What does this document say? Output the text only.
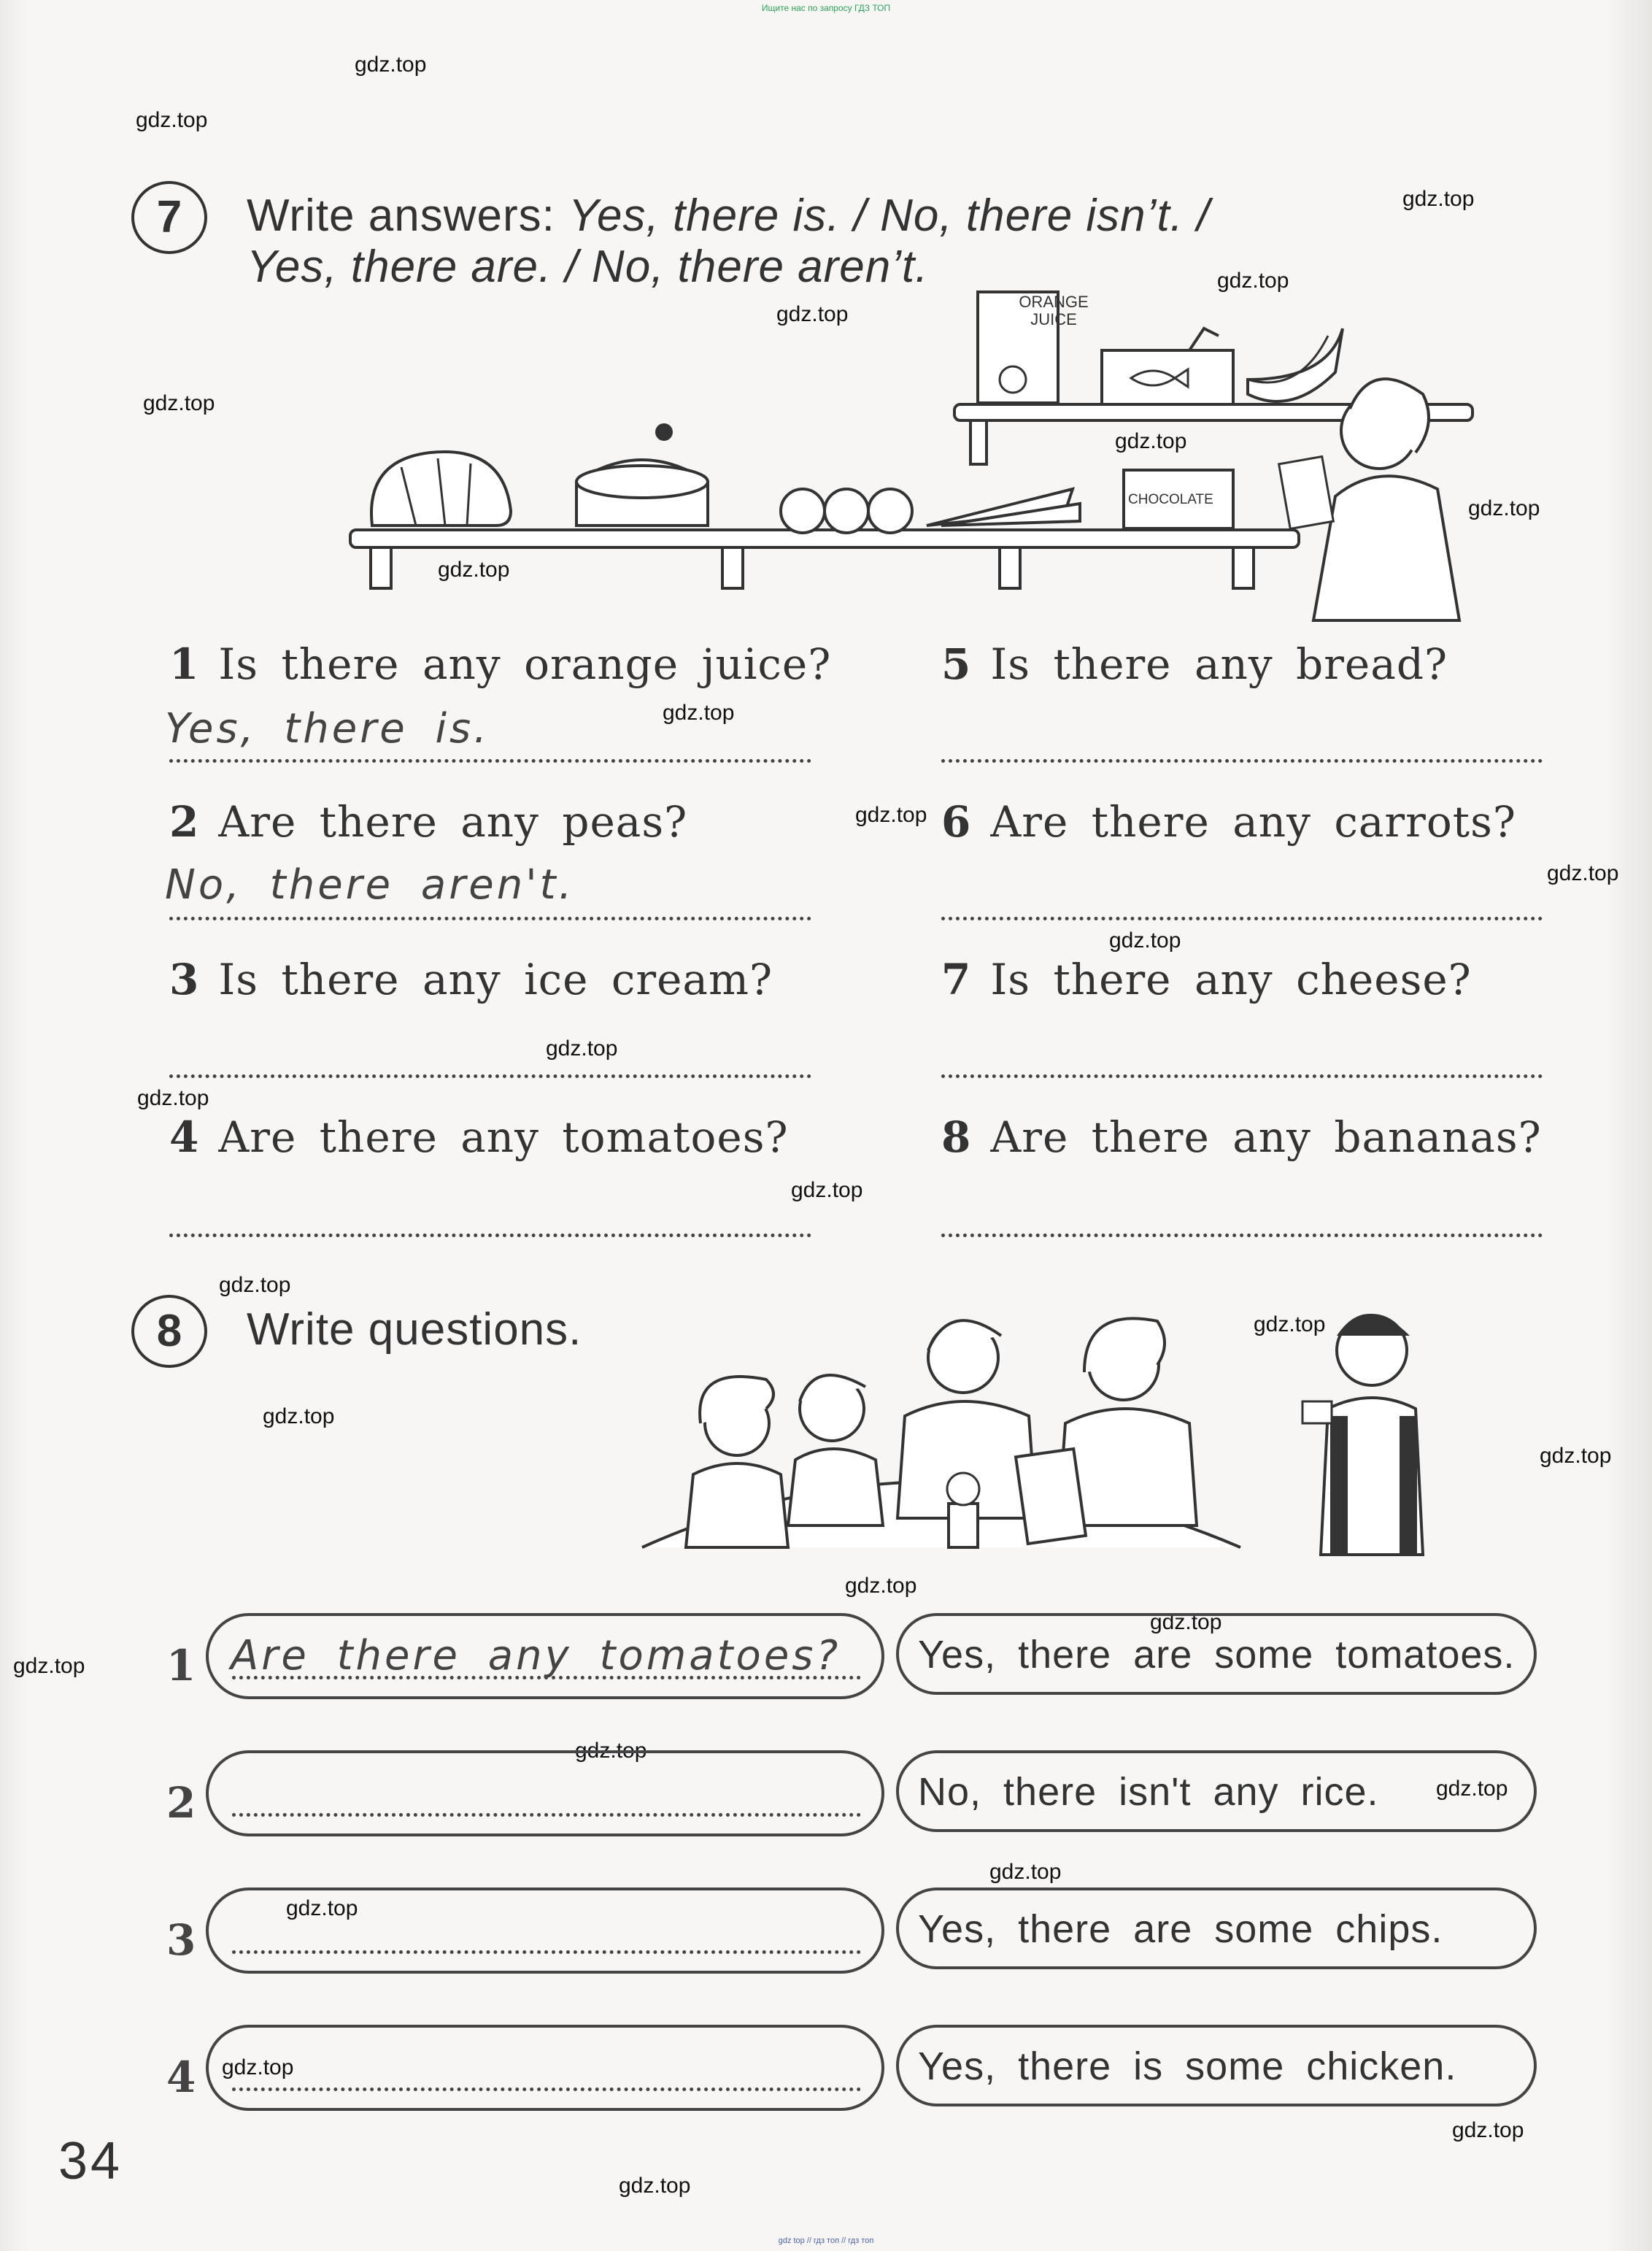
Ищите нас по запросу ГДЗ ТОП
gdz.top
gdz.top
gdz.top
gdz.top
gdz.top
gdz.top
gdz.top
gdz.top
gdz.top
gdz.top
gdz.top
gdz.top
gdz.top
gdz.top
gdz.top
gdz.top
gdz.top
gdz.top
gdz.top
gdz.top
gdz.top
gdz.top
gdz.top
gdz.top
gdz.top
gdz.top
gdz.top
gdz.top
gdz.top
gdz.top
7	Write answers: Yes, there is. / No, there isn’t. /
Yes, there are. / No, there aren’t.
ORANGE JUICE
CHOCOLATE
1 Is there any orange juice?
Yes, there is.
2 Are there any peas?
No, there aren't.
3 Is there any ice cream?
4 Are there any tomatoes?
5 Is there any bread?
6 Are there any carrots?
7 Is there any cheese?
8 Are there any bananas?
8	Write questions.
1 Are there any tomatoes? Yes, there are some tomatoes.
2	No, there isn't any rice.
3	Yes, there are some chips.
4	Yes, there is some chicken.
34
gdz top // гдз топ // гдз топ
